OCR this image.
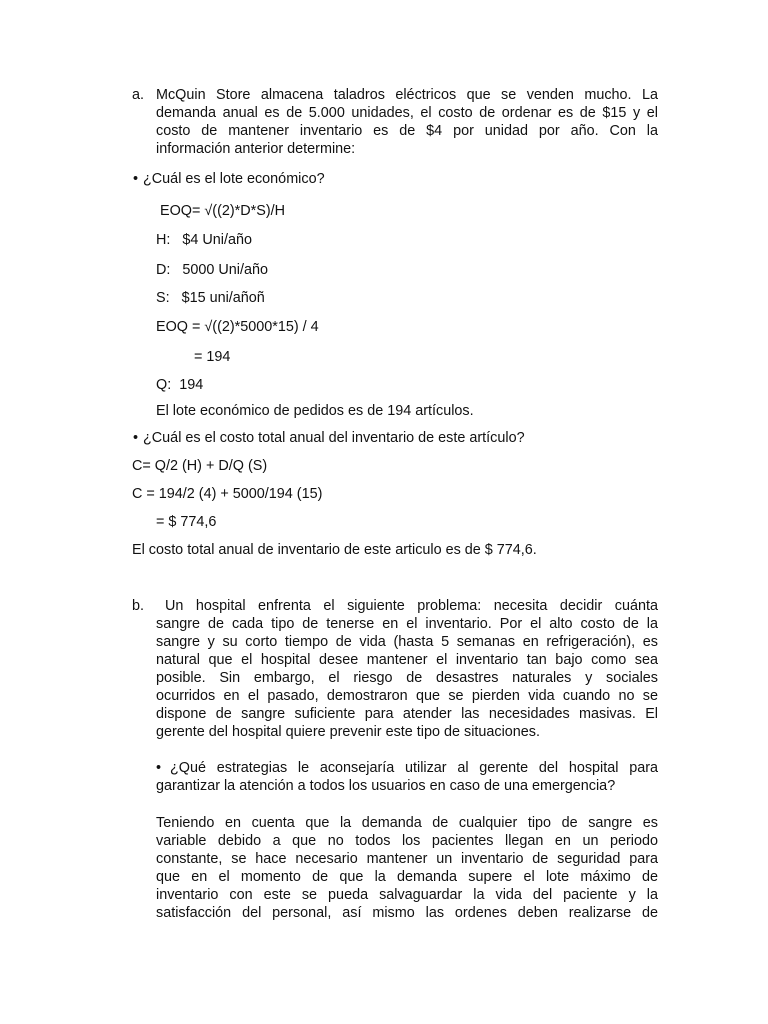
a. McQuin Store almacena taladros eléctricos que se venden mucho. La
demanda anual es de 5.000 unidades, el costo de ordenar es de $15 y el
costo de mantener inventario es de $4 por unidad por año. Con la
información anterior determine:
• ¿Cuál es el lote económico?
EOQ= √((2)*D*S)/H
H:   $4 Uni/año
D:   5000 Uni/año
S:   $15 uni/añoñ
EOQ = √((2)*5000*15) / 4
= 194
Q:  194
El lote económico de pedidos es de 194 artículos.
• ¿Cuál es el costo total anual del inventario de este artículo?
C= Q/2 (H) + D/Q (S)
C = 194/2 (4) + 5000/194 (15)
= $ 774,6
El costo total anual de inventario de este articulo es de $ 774,6.
b.	Un hospital enfrenta el siguiente problema: necesita decidir cuánta
sangre de cada tipo de tenerse en el inventario. Por el alto costo de la
sangre y su corto tiempo de vida (hasta 5 semanas en refrigeración), es
natural que el hospital desee mantener el inventario tan bajo como sea
posible. Sin embargo, el riesgo de desastres naturales y sociales
ocurridos en el pasado, demostraron que se pierden vida cuando no se
dispone de sangre suficiente para atender las necesidades masivas. El
gerente del hospital quiere prevenir este tipo de situaciones.
• ¿Qué estrategias le aconsejaría utilizar al gerente del hospital para
garantizar la atención a todos los usuarios en caso de una emergencia?
Teniendo en cuenta que la demanda de cualquier tipo de sangre es
variable debido a que no todos los pacientes llegan en un periodo
constante, se hace necesario mantener un inventario de seguridad para
que en el momento de que la demanda supere el lote máximo de
inventario con este se pueda salvaguardar la vida del paciente y la
satisfacción del personal, así mismo las ordenes deben realizarse de
